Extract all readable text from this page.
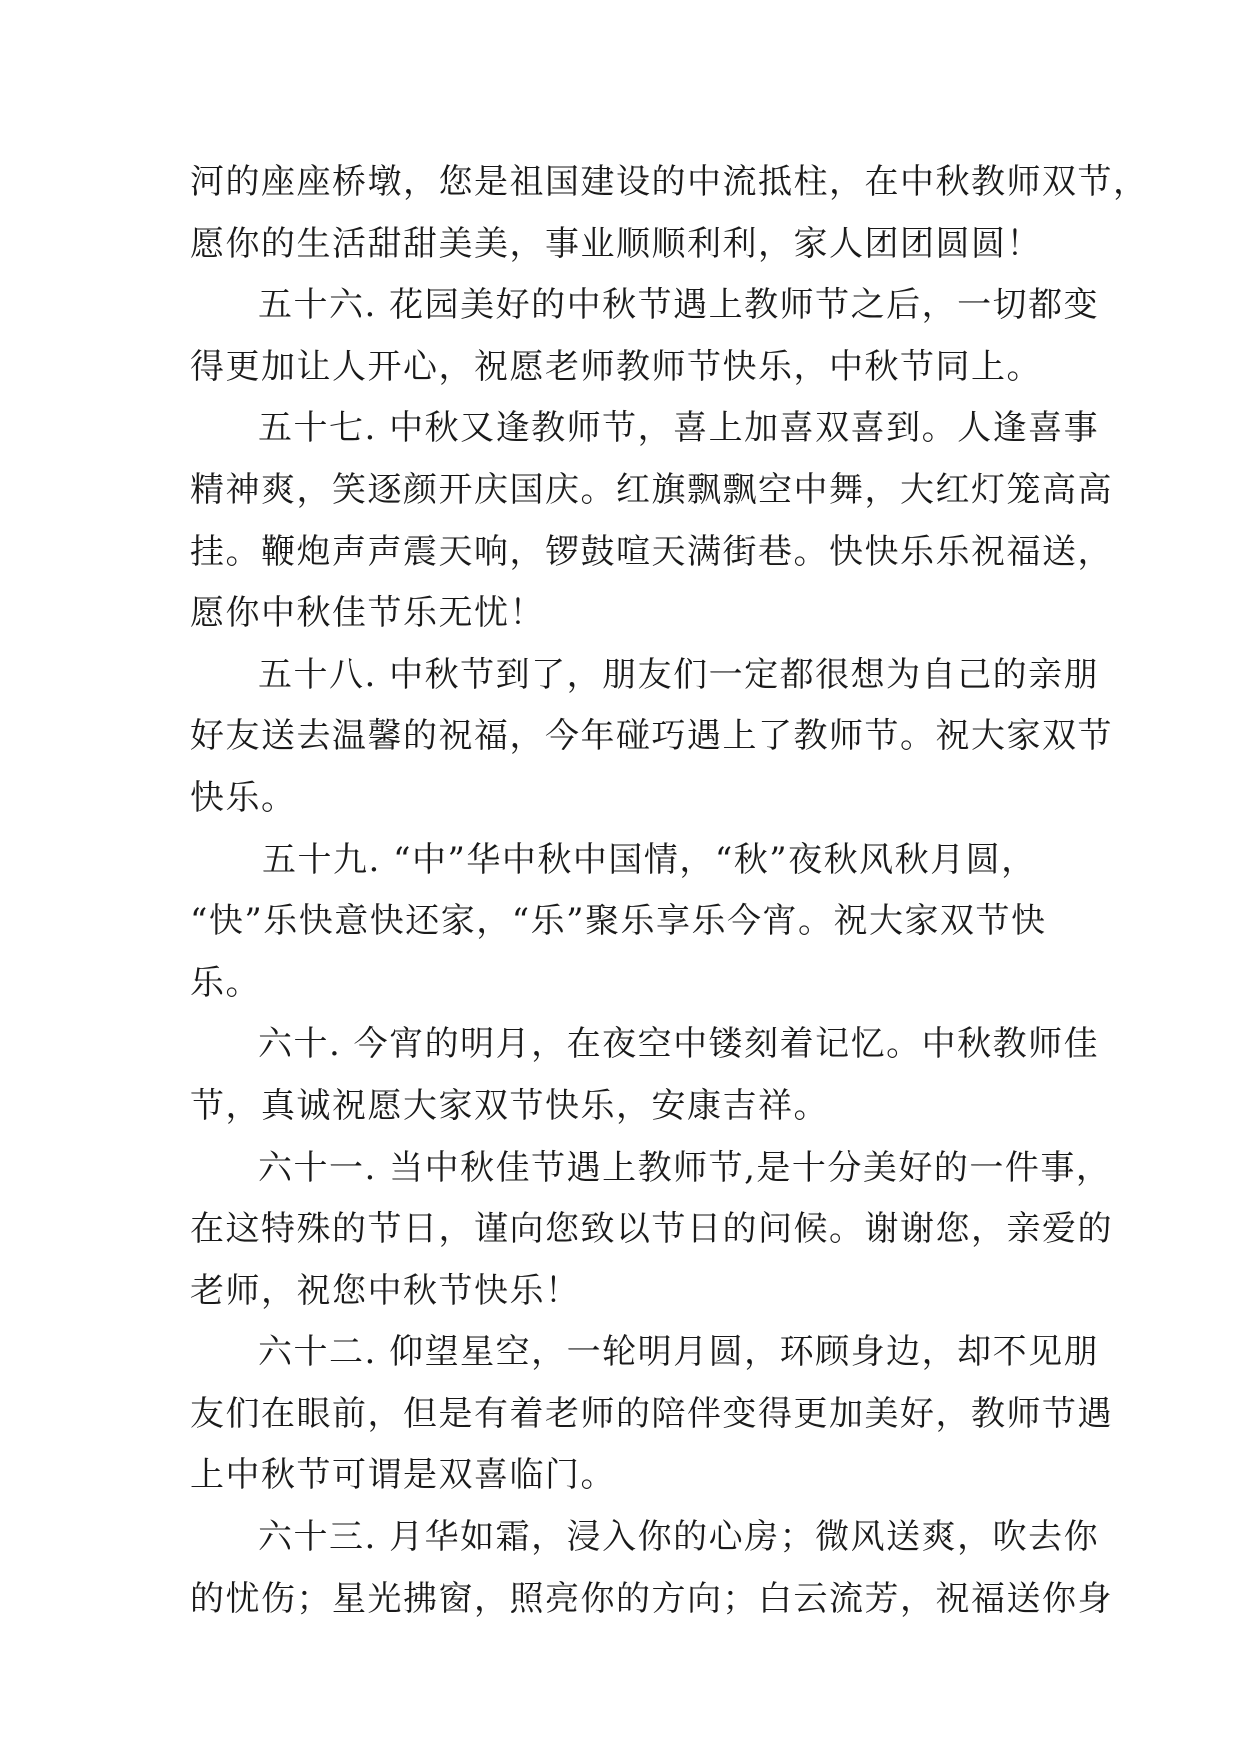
河的座座桥墩，您是祖国建设的中流抵柱，在中秋教师双节，
愿你的生活甜甜美美，事业顺顺利利，家人团团圆圆！
五十六. 花园美好的中秋节遇上教师节之后，一切都变
得更加让人开心，祝愿老师教师节快乐，中秋节同上。
五十七. 中秋又逢教师节，喜上加喜双喜到。人逢喜事
精神爽，笑逐颜开庆国庆。红旗飘飘空中舞，大红灯笼高高
挂。鞭炮声声震天响，锣鼓喧天满街巷。快快乐乐祝福送，
愿你中秋佳节乐无忧！
五十八. 中秋节到了，朋友们一定都很想为自己的亲朋
好友送去温馨的祝福，今年碰巧遇上了教师节。祝大家双节
快乐。
五十九. “中”华中秋中国情，“秋”夜秋风秋月圆，
“快”乐快意快还家，“乐”聚乐享乐今宵。祝大家双节快
乐。
六十. 今宵的明月，在夜空中镂刻着记忆。中秋教师佳
节，真诚祝愿大家双节快乐，安康吉祥。
六十一. 当中秋佳节遇上教师节,是十分美好的一件事，
在这特殊的节日，谨向您致以节日的问候。谢谢您，亲爱的
老师，祝您中秋节快乐！
六十二. 仰望星空，一轮明月圆，环顾身边，却不见朋
友们在眼前，但是有着老师的陪伴变得更加美好，教师节遇
上中秋节可谓是双喜临门。
六十三. 月华如霜，浸入你的心房；微风送爽，吹去你
的忧伤；星光拂窗，照亮你的方向；白云流芳，祝福送你身
